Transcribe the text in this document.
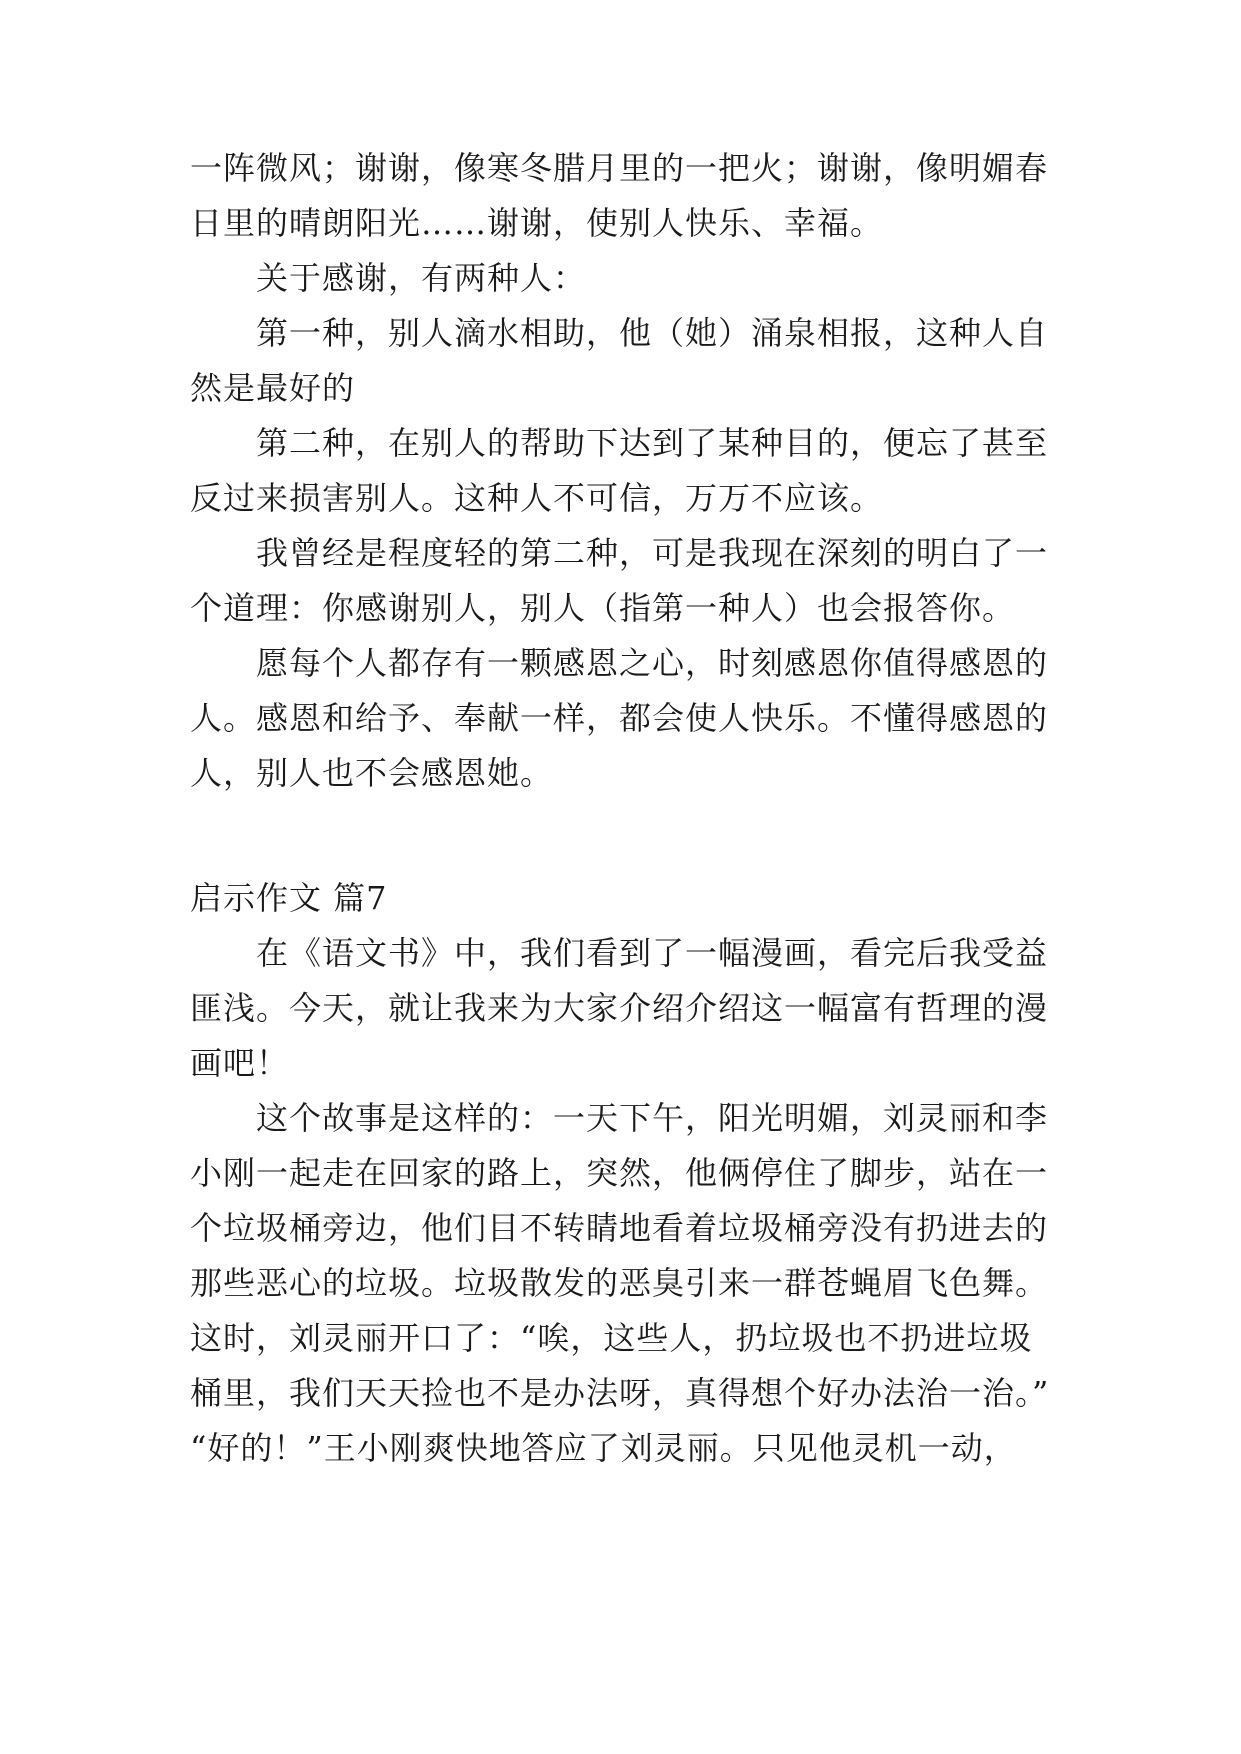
一阵微风；谢谢，像寒冬腊月里的一把火；谢谢，像明媚春
日里的晴朗阳光……谢谢，使别人快乐、幸福。
关于感谢，有两种人：
第一种，别人滴水相助，他（她）涌泉相报，这种人自
然是最好的
第二种，在别人的帮助下达到了某种目的，便忘了甚至
反过来损害别人。这种人不可信，万万不应该。
我曾经是程度轻的第二种，可是我现在深刻的明白了一
个道理：你感谢别人，别人（指第一种人）也会报答你。
愿每个人都存有一颗感恩之心，时刻感恩你值得感恩的
人。感恩和给予、奉献一样，都会使人快乐。不懂得感恩的
人，别人也不会感恩她。
启示作文 篇7
在《语文书》中，我们看到了一幅漫画，看完后我受益
匪浅。今天，就让我来为大家介绍介绍这一幅富有哲理的漫
画吧！
这个故事是这样的：一天下午，阳光明媚，刘灵丽和李
小刚一起走在回家的路上，突然，他俩停住了脚步，站在一
个垃圾桶旁边，他们目不转睛地看着垃圾桶旁没有扔进去的
那些恶心的垃圾。垃圾散发的恶臭引来一群苍蝇眉飞色舞。
这时，刘灵丽开口了：“唉，这些人，扔垃圾也不扔进垃圾
桶里，我们天天捡也不是办法呀，真得想个好办法治一治。”
“好的！”王小刚爽快地答应了刘灵丽。只见他灵机一动，
